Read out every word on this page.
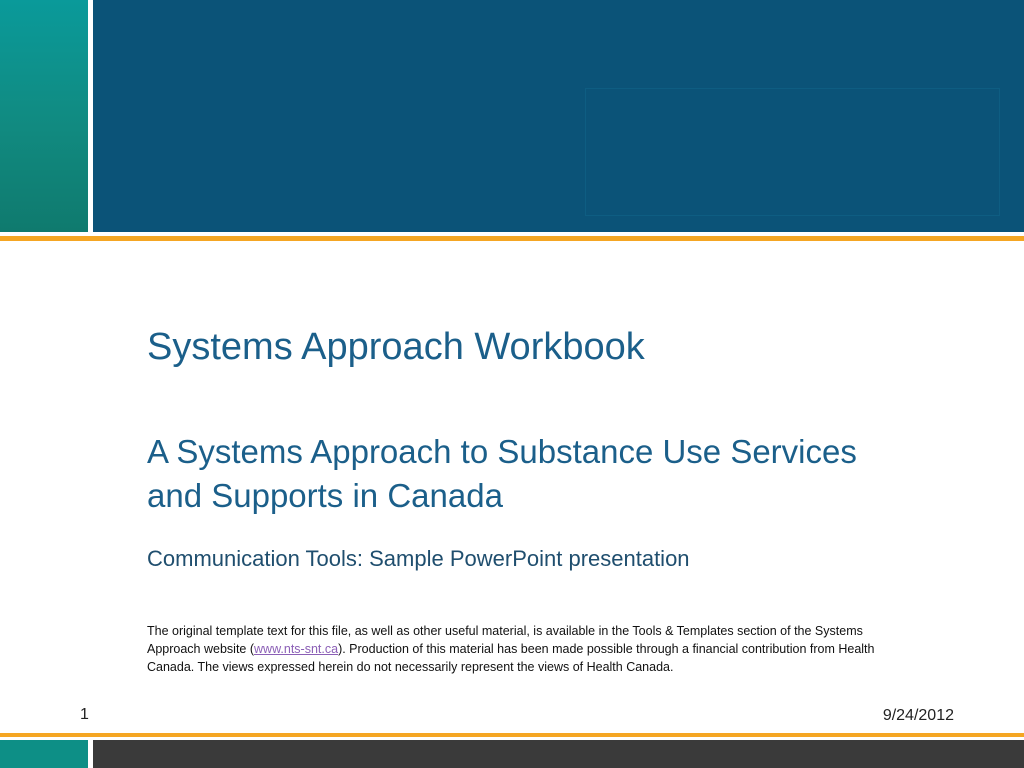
Systems Approach Workbook
A Systems Approach to Substance Use Services and Supports in Canada

Communication Tools: Sample PowerPoint presentation

The original template text for this file, as well as other useful material, is available in the Tools & Templates section of the Systems Approach website (www.nts-snt.ca). Production of this material has been made possible through a financial contribution from Health Canada. The views expressed herein do not necessarily represent the views of Health Canada.

1	9/24/2012
